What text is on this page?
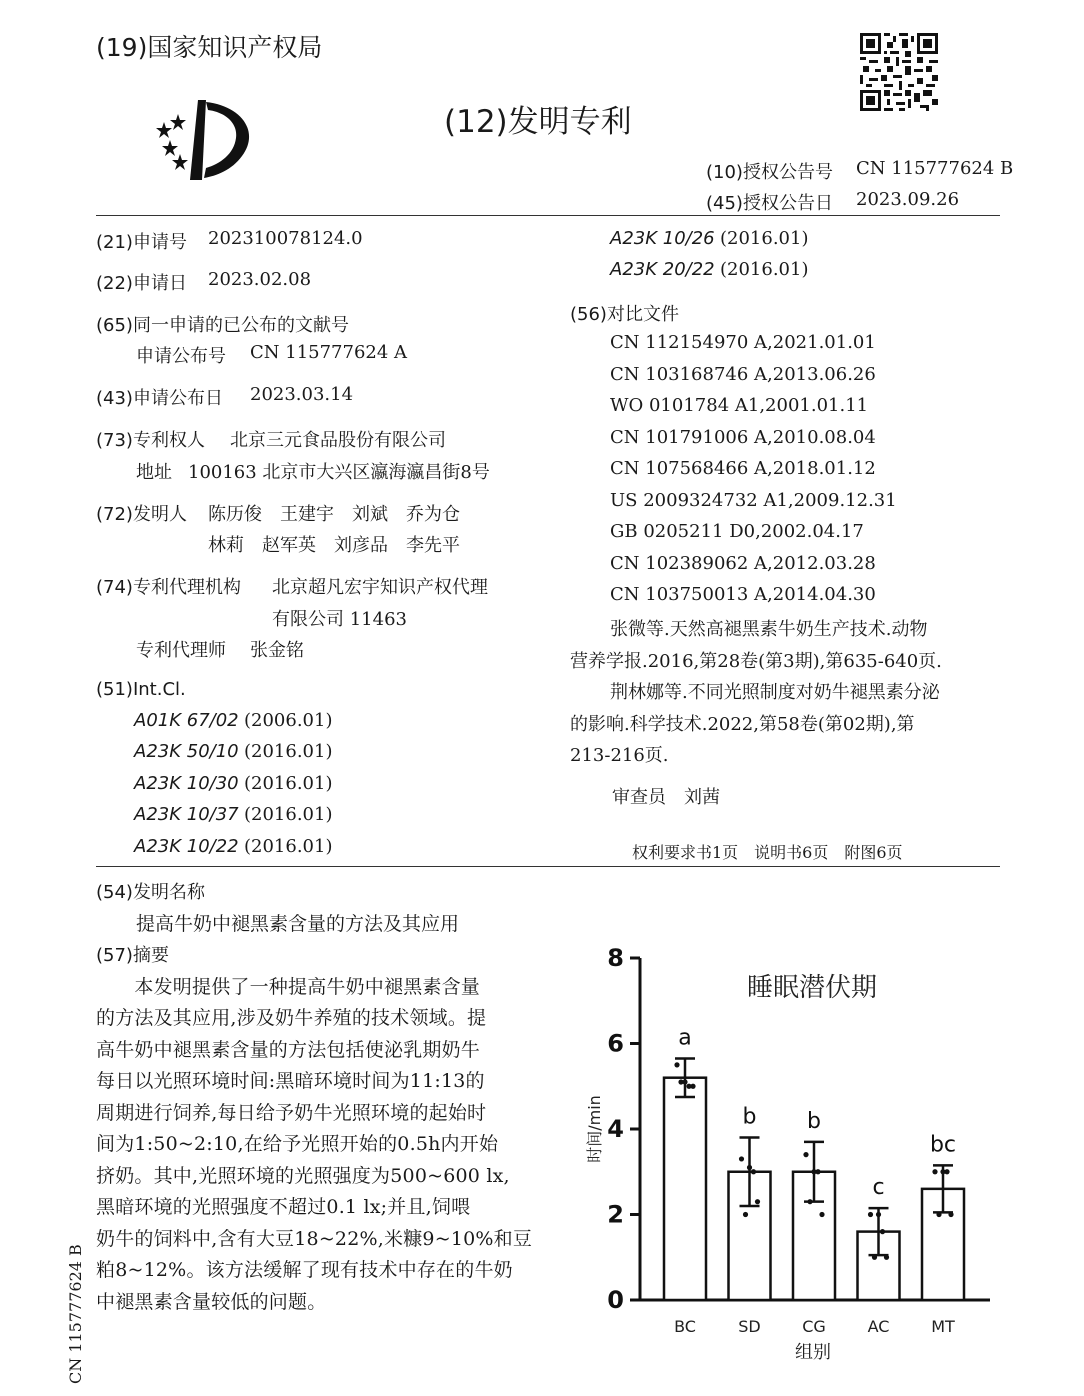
(19)国家知识产权局
(12)发明专利
(10)授权公告号 CN 115777624 B
(45)授权公告日 2023.09.26
(21)申请号 202310078124.0
(22)申请日 2023.02.08
(65)同一申请的已公布的文献号
申请公布号 CN 115777624 A
(43)申请公布日 2023.03.14
(73)专利权人 北京三元食品股份有限公司
地址 100163 北京市大兴区瀛海瀛昌街8号
(72)发明人 陈历俊　王建宇　刘斌　乔为仓
林莉　赵军英　刘彦品　李先平
(74)专利代理机构 北京超凡宏宇知识产权代理
有限公司 11463
专利代理师 张金铭
(51)Int.Cl.
A01K 67/02 (2006.01)
A23K 50/10 (2016.01)
A23K 10/30 (2016.01)
A23K 10/37 (2016.01)
A23K 10/22 (2016.01)
A23K 10/26 (2016.01)
A23K 20/22 (2016.01)
(56)对比文件
CN 112154970 A,2021.01.01
CN 103168746 A,2013.06.26
WO 0101784 A1,2001.01.11
CN 101791006 A,2010.08.04
CN 107568466 A,2018.01.12
US 2009324732 A1,2009.12.31
GB 0205211 D0,2002.04.17
CN 102389062 A,2012.03.28
CN 103750013 A,2014.04.30
张微等.天然高褪黑素牛奶生产技术.动物
营养学报.2016,第28卷(第3期),第635-640页.
荆林娜等.不同光照制度对奶牛褪黑素分泌
的影响.科学技术.2022,第58卷(第02期),第
213-216页.
审查员 刘茜
权利要求书1页　说明书6页　附图6页
(54)发明名称
提高牛奶中褪黑素含量的方法及其应用
(57)摘要
　　本发明提供了一种提高牛奶中褪黑素含量
的方法及其应用,涉及奶牛养殖的技术领域。提
高牛奶中褪黑素含量的方法包括使泌乳期奶牛
每日以光照环境时间:黑暗环境时间为11:13的
周期进行饲养,每日给予奶牛光照环境的起始时
间为1:50~2:10,在给予光照开始的0.5h内开始
挤奶。其中,光照环境的光照强度为500~600 lx,
黑暗环境的光照强度不超过0.1 lx;并且,饲喂
奶牛的饲料中,含有大豆18~22%,米糠9~10%和豆
粕8~12%。该方法缓解了现有技术中存在的牛奶
中褪黑素含量较低的问题。
CN 115777624 B	0
2
4
6
8
睡眠潜伏期
时间/min
组别
a
BC
b
SD
b
CG
c
AC
bc
MT
